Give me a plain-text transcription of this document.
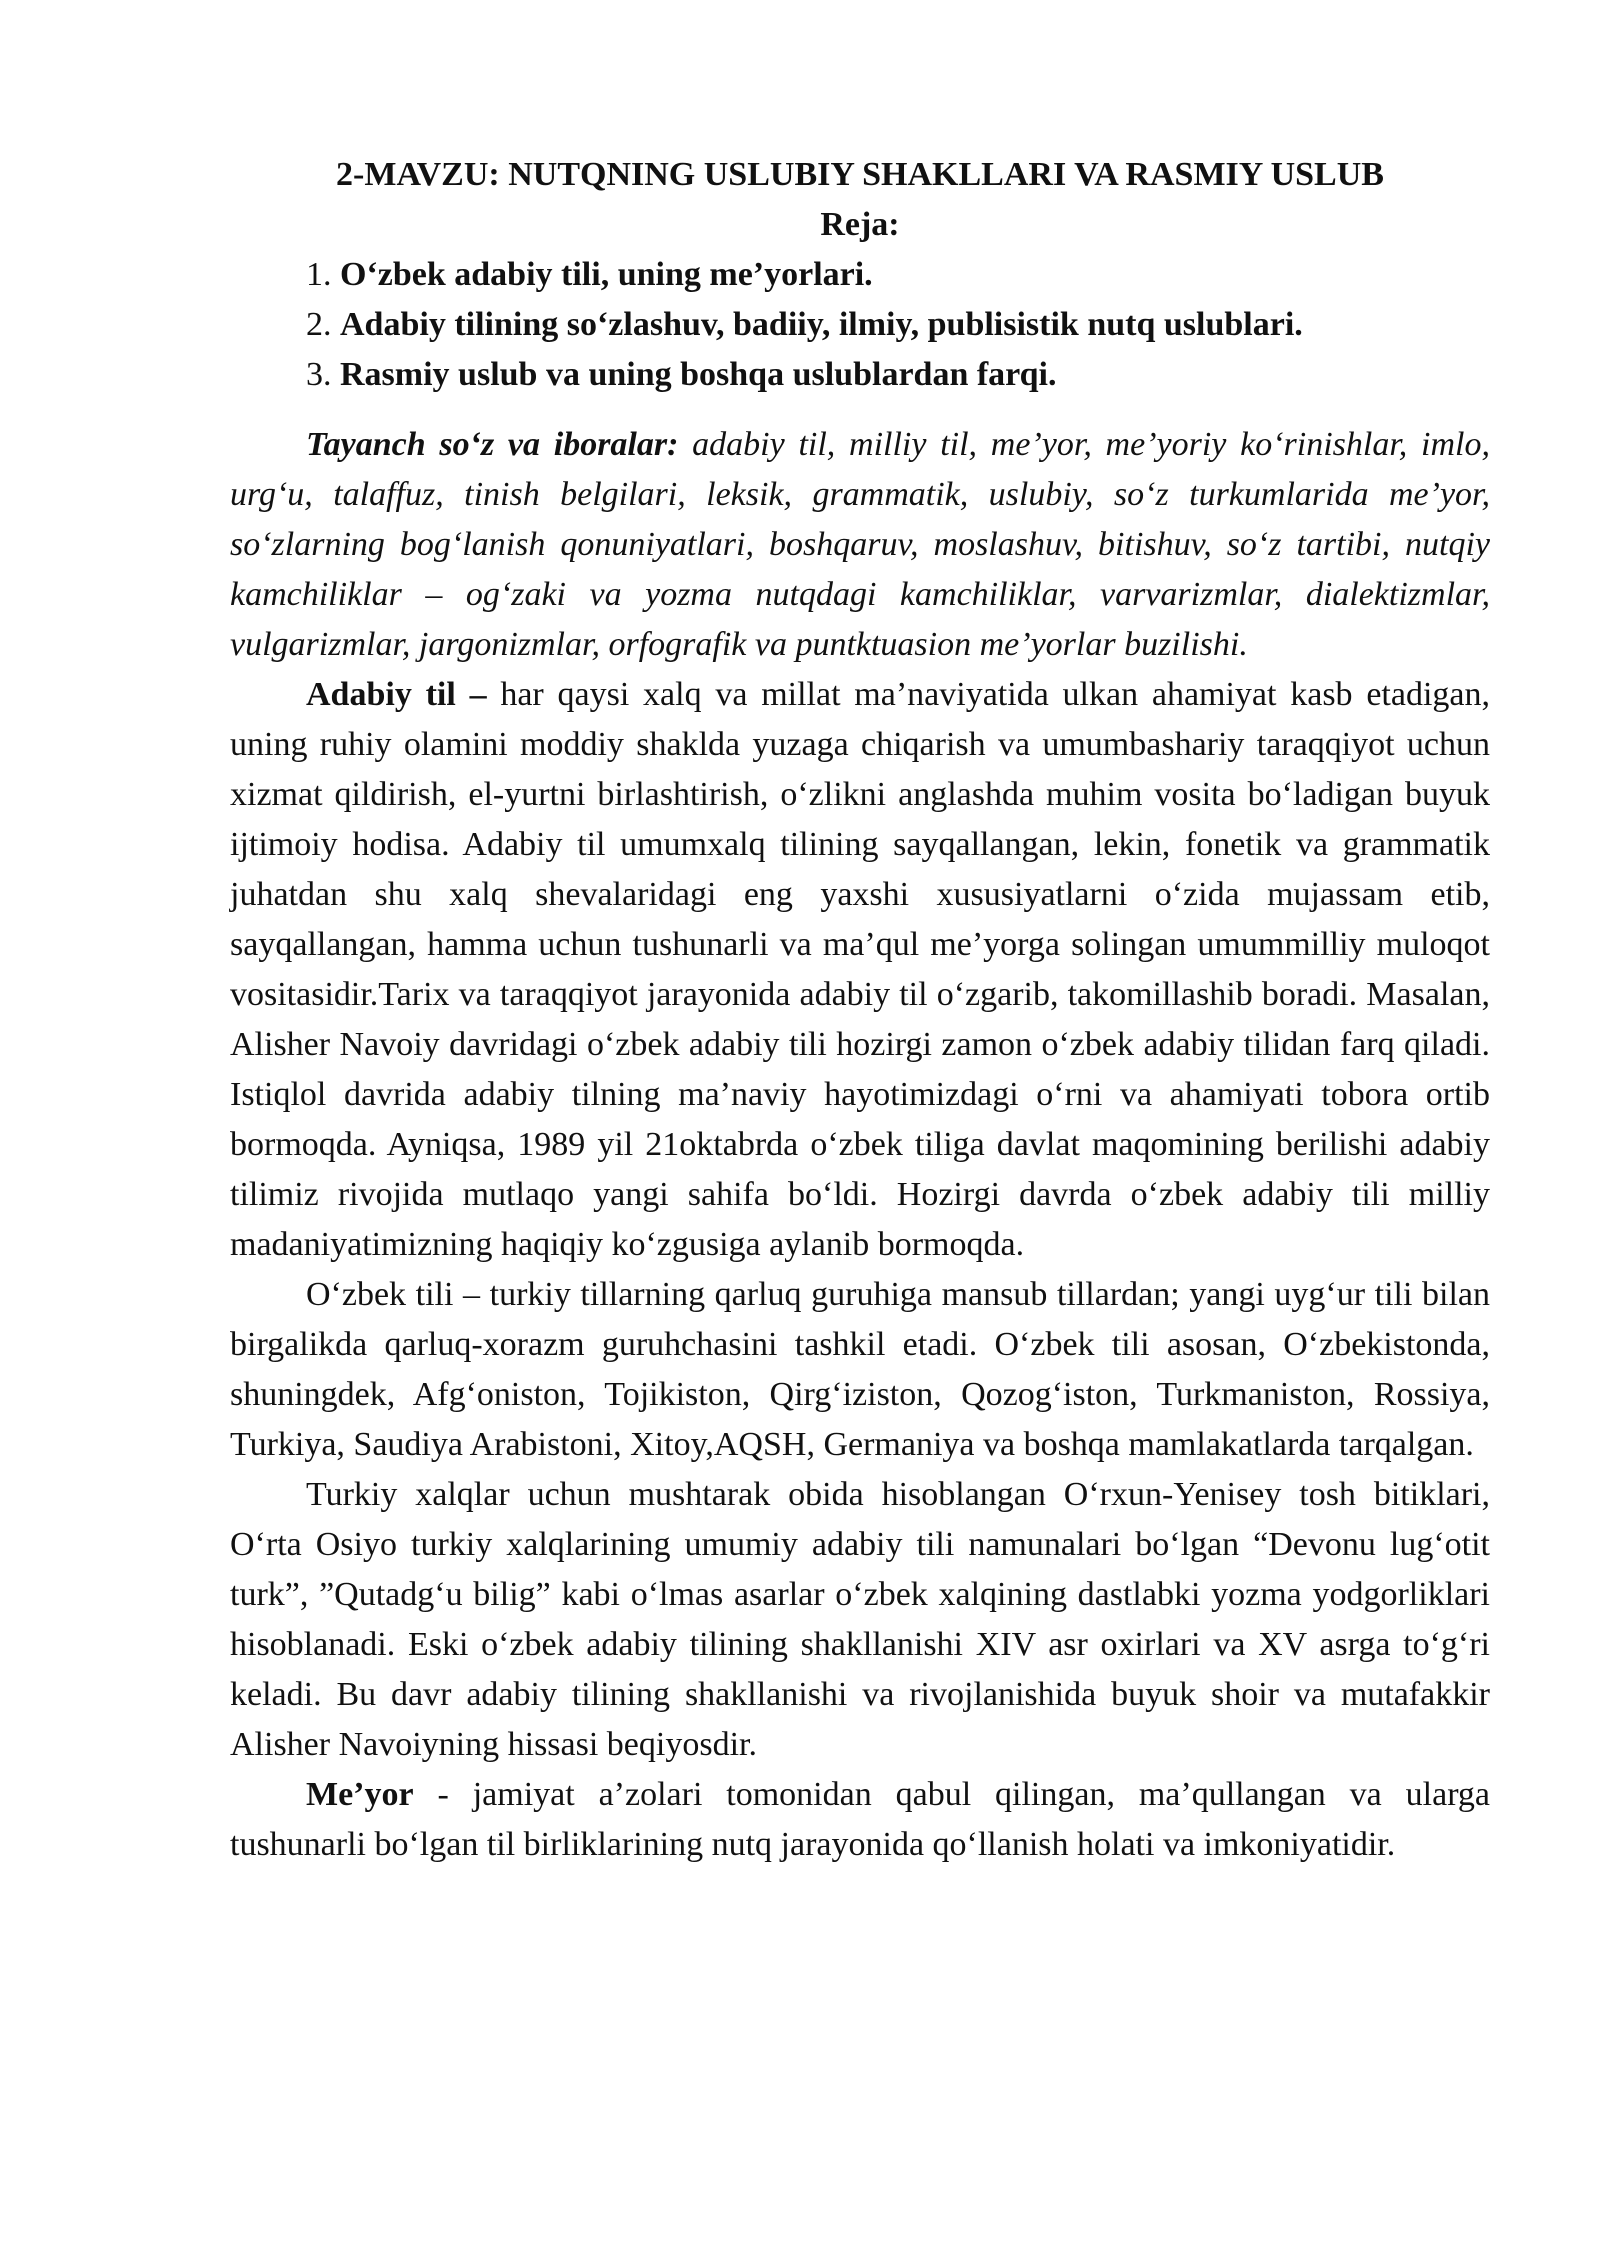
2-MAVZU: NUTQNING USLUBIY SHAKLLARI VA RASMIY USLUB
Reja:
1. O‘zbek adabiy tili, uning me’yorlari.
2. Adabiy tilining so‘zlashuv, badiiy, ilmiy, publisistik nutq uslublari.
3. Rasmiy uslub va uning boshqa uslublardan farqi.

Tayanch so‘z va iboralar: adabiy til, milliy til, me’yor, me’yoriy ko‘rinishlar, imlo, urg‘u, talaffuz, tinish belgilari, leksik, grammatik, uslubiy, so‘z turkumlarida me’yor, so‘zlarning bog‘lanish qonuniyatlari, boshqaruv, moslashuv, bitishuv, so‘z tartibi, nutqiy kamchiliklar – og‘zaki va yozma nutqdagi kamchiliklar, varvarizmlar, dialektizmlar, vulgarizmlar, jargonizmlar, orfografik va puntktuasion me’yorlar buzilishi.

Adabiy til – har qaysi xalq va millat ma’naviyatida ulkan ahamiyat kasb etadigan, uning ruhiy olamini moddiy shaklda yuzaga chiqarish va umumbashariy taraqqiyot uchun xizmat qildirish, el-yurtni birlashtirish, o‘zlikni anglashda muhim vosita bo‘ladigan buyuk ijtimoiy hodisa. Adabiy til umumxalq tilining sayqallangan, lekin, fonetik va grammatik juhatdan shu xalq shevalaridagi eng yaxshi xususiyatlarni o‘zida mujassam etib, sayqallangan, hamma uchun tushunarli va ma’qul me’yorga solingan umummilliy muloqot vositasidir.Tarix va taraqqiyot jarayonida adabiy til o‘zgarib, takomillashib boradi. Masalan, Alisher Navoiy davridagi o‘zbek adabiy tili hozirgi zamon o‘zbek adabiy tilidan farq qiladi. Istiqlol davrida adabiy tilning ma’naviy hayotimizdagi o‘rni va ahamiyati tobora ortib bormoqda. Ayniqsa, 1989 yil 21oktabrda o‘zbek tiliga davlat maqomining berilishi adabiy tilimiz rivojida mutlaqo yangi sahifa bo‘ldi. Hozirgi davrda o‘zbek adabiy tili milliy madaniyatimizning haqiqiy ko‘zgusiga aylanib bormoqda.

O‘zbek tili – turkiy tillarning qarluq guruhiga mansub tillardan; yangi uyg‘ur tili bilan birgalikda qarluq-xorazm guruhchasini tashkil etadi. O‘zbek tili asosan, O‘zbekistonda, shuningdek, Afg‘oniston, Tojikiston, Qirg‘iziston, Qozog‘iston, Turkmaniston, Rossiya, Turkiya, Saudiya Arabistoni, Xitoy,AQSH, Germaniya va boshqa mamlakatlarda tarqalgan.

Turkiy xalqlar uchun mushtarak obida hisoblangan O‘rxun-Yenisey tosh bitiklari, O‘rta Osiyo turkiy xalqlarining umumiy adabiy tili namunalari bo‘lgan “Devonu lug‘otit turk”, ”Qutadg‘u bilig” kabi o‘lmas asarlar o‘zbek xalqining dastlabki yozma yodgorliklari hisoblanadi. Eski o‘zbek adabiy tilining shakllanishi XIV asr oxirlari va XV asrga to‘g‘ri keladi. Bu davr adabiy tilining shakllanishi va rivojlanishida buyuk shoir va mutafakkir Alisher Navoiyning hissasi beqiyosdir.

Me’yor - jamiyat a’zolari tomonidan qabul qilingan, ma’qullangan va ularga tushunarli bo‘lgan til birliklarining nutq jarayonida qo‘llanish holati va imkoniyatidir.
